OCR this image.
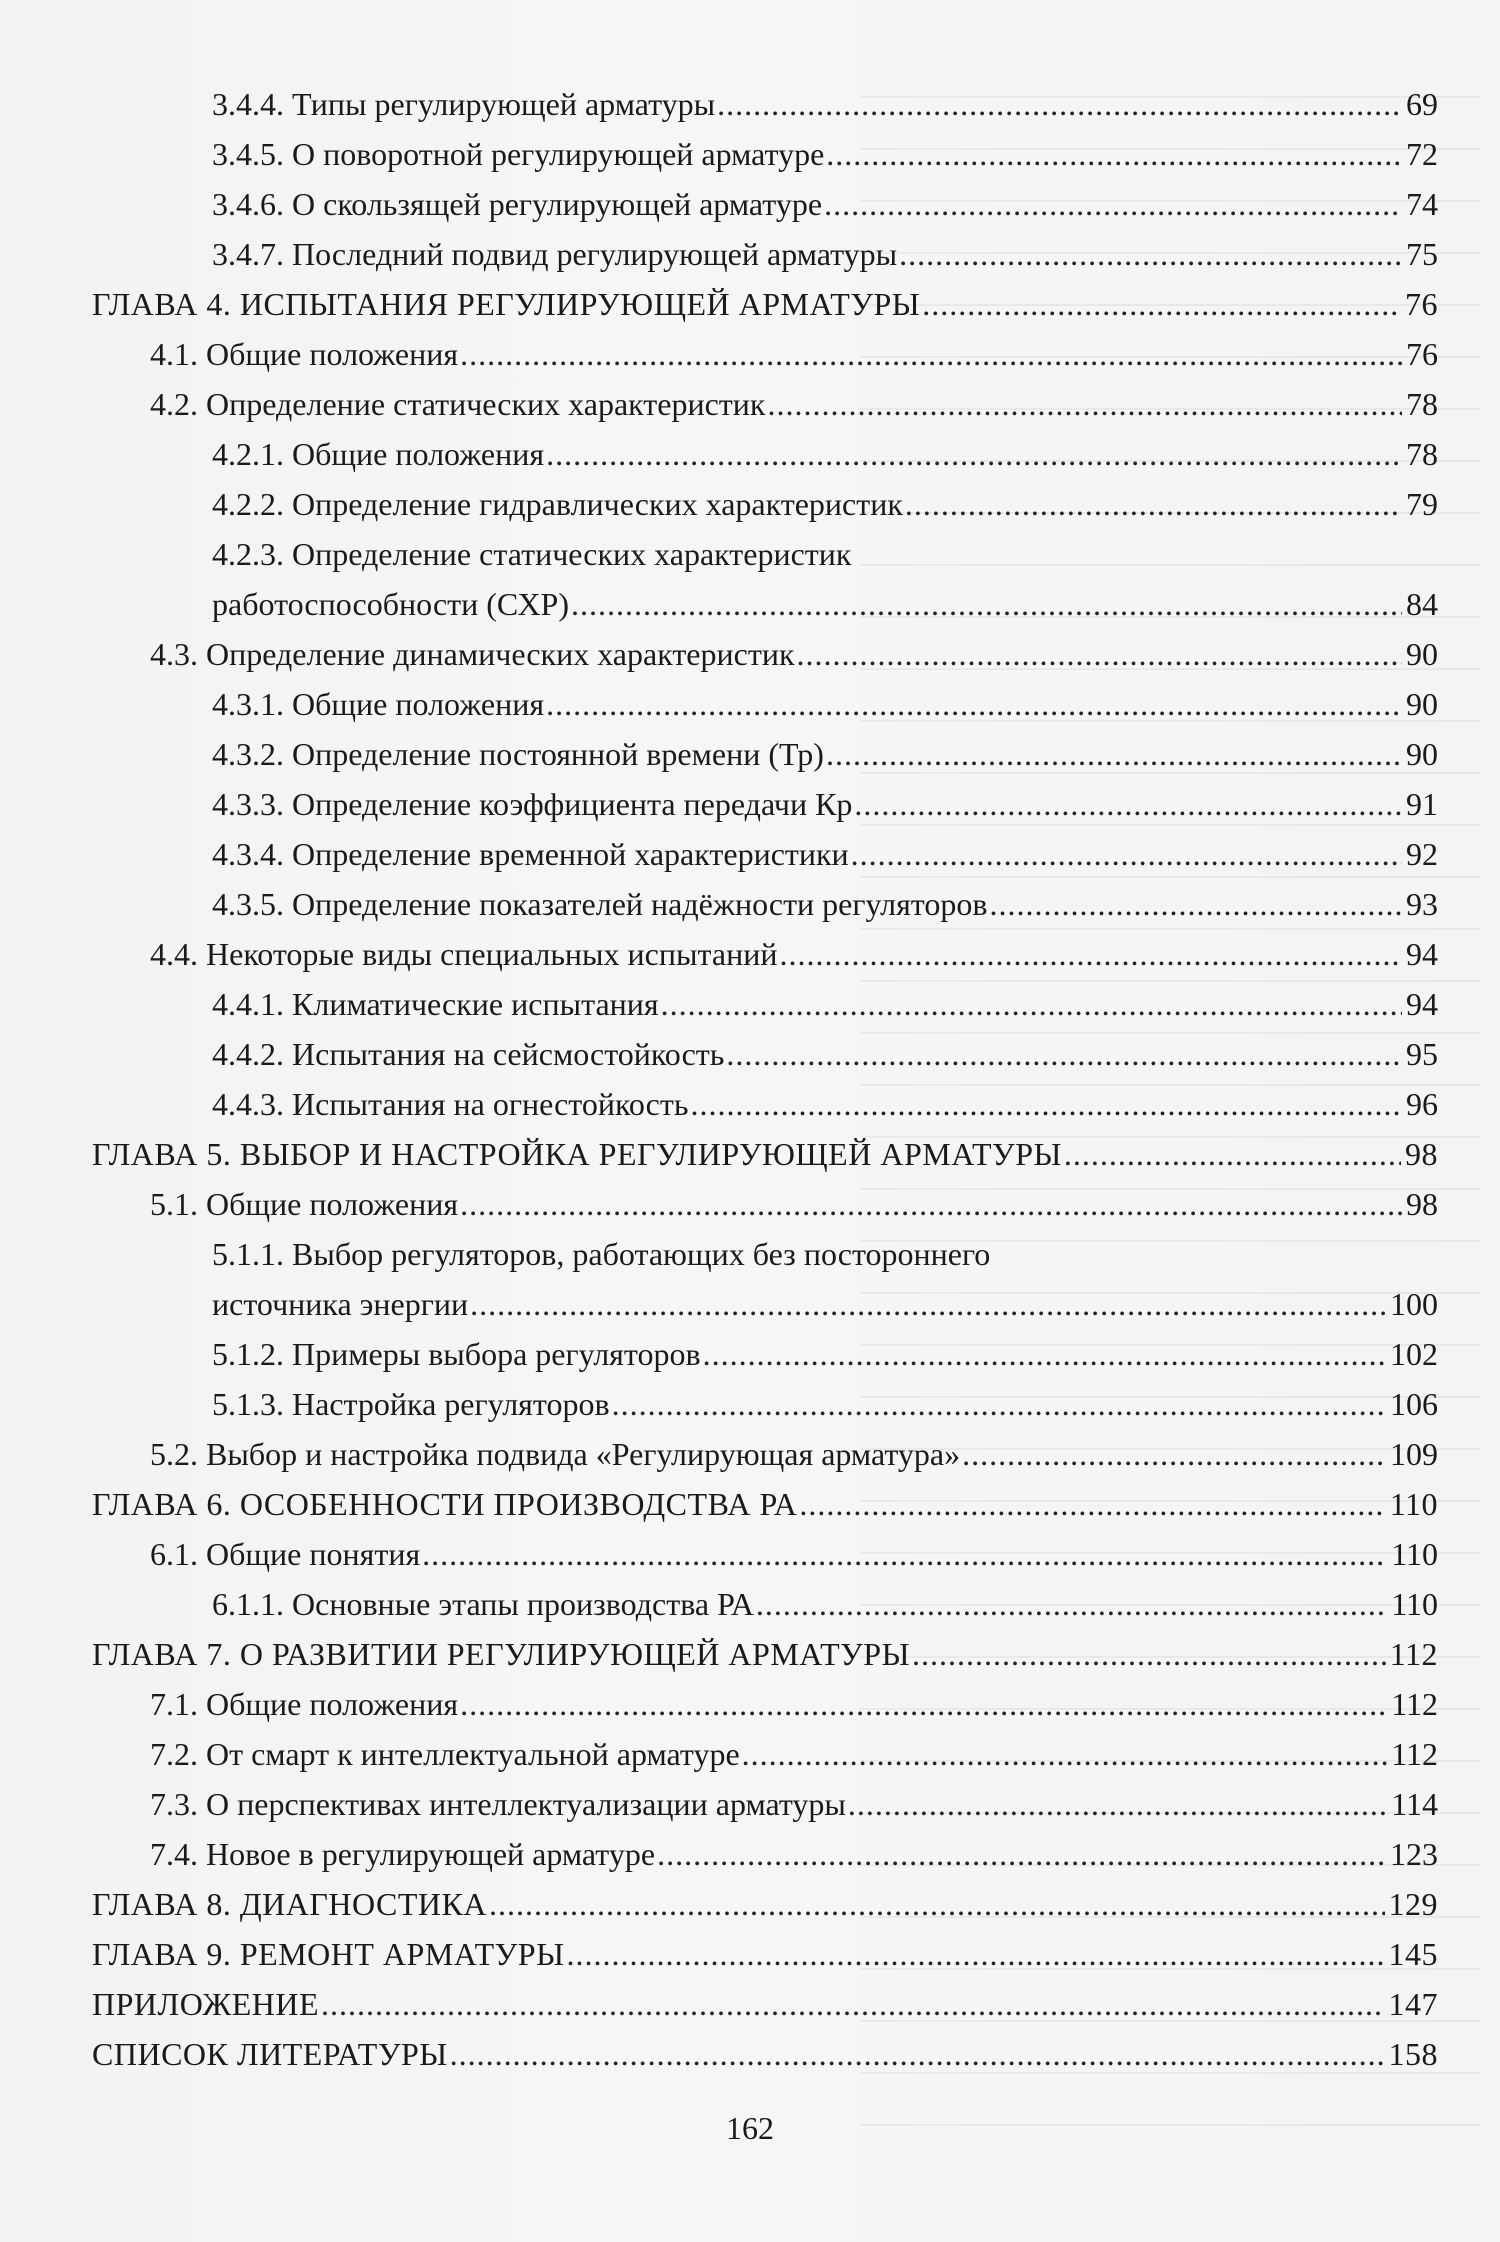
3.4.4. Типы регулирующей арматуры .....	69
3.4.5. О поворотной регулирующей арматуре .....	72
3.4.6. О скользящей регулирующей арматуре .....	74
3.4.7. Последний подвид регулирующей арматуры .....	75
ГЛАВА 4. ИСПЫТАНИЯ РЕГУЛИРУЮЩЕЙ АРМАТУРЫ .....	76
4.1. Общие положения .....	76
4.2. Определение статических характеристик .....	78
4.2.1. Общие положения .....	78
4.2.2. Определение гидравлических характеристик .....	79
4.2.3. Определение статических характеристик
работоспособности (СХР) .....	84
4.3. Определение динамических характеристик .....	90
4.3.1. Общие положения .....	90
4.3.2. Определение постоянной времени (Тр) .....	90
4.3.3. Определение коэффициента передачи Кр .....	91
4.3.4. Определение временной характеристики .....	92
4.3.5. Определение показателей надёжности регуляторов .....	93
4.4. Некоторые виды специальных испытаний .....	94
4.4.1. Климатические испытания .....	94
4.4.2. Испытания на сейсмостойкость .....	95
4.4.3. Испытания на огнестойкость .....	96
ГЛАВА 5. ВЫБОР И НАСТРОЙКА РЕГУЛИРУЮЩЕЙ АРМАТУРЫ .....	98
5.1. Общие положения .....	98
5.1.1. Выбор регуляторов, работающих без постороннего
источника энергии .....	100
5.1.2. Примеры выбора регуляторов .....	102
5.1.3. Настройка регуляторов .....	106
5.2. Выбор и настройка подвида «Регулирующая арматура» .....	109
ГЛАВА 6. ОСОБЕННОСТИ ПРОИЗВОДСТВА РА .....	110
6.1. Общие понятия .....	110
6.1.1. Основные этапы производства РА .....	110
ГЛАВА 7. О РАЗВИТИИ РЕГУЛИРУЮЩЕЙ АРМАТУРЫ .....	112
7.1. Общие положения .....	112
7.2. От смарт к интеллектуальной арматуре .....	112
7.3. О перспективах интеллектуализации арматуры .....	114
7.4. Новое в регулирующей арматуре .....	123
ГЛАВА 8. ДИАГНОСТИКА .....	129
ГЛАВА 9. РЕМОНТ АРМАТУРЫ .....	145
ПРИЛОЖЕНИЕ .....	147
СПИСОК ЛИТЕРАТУРЫ .....	158
162
